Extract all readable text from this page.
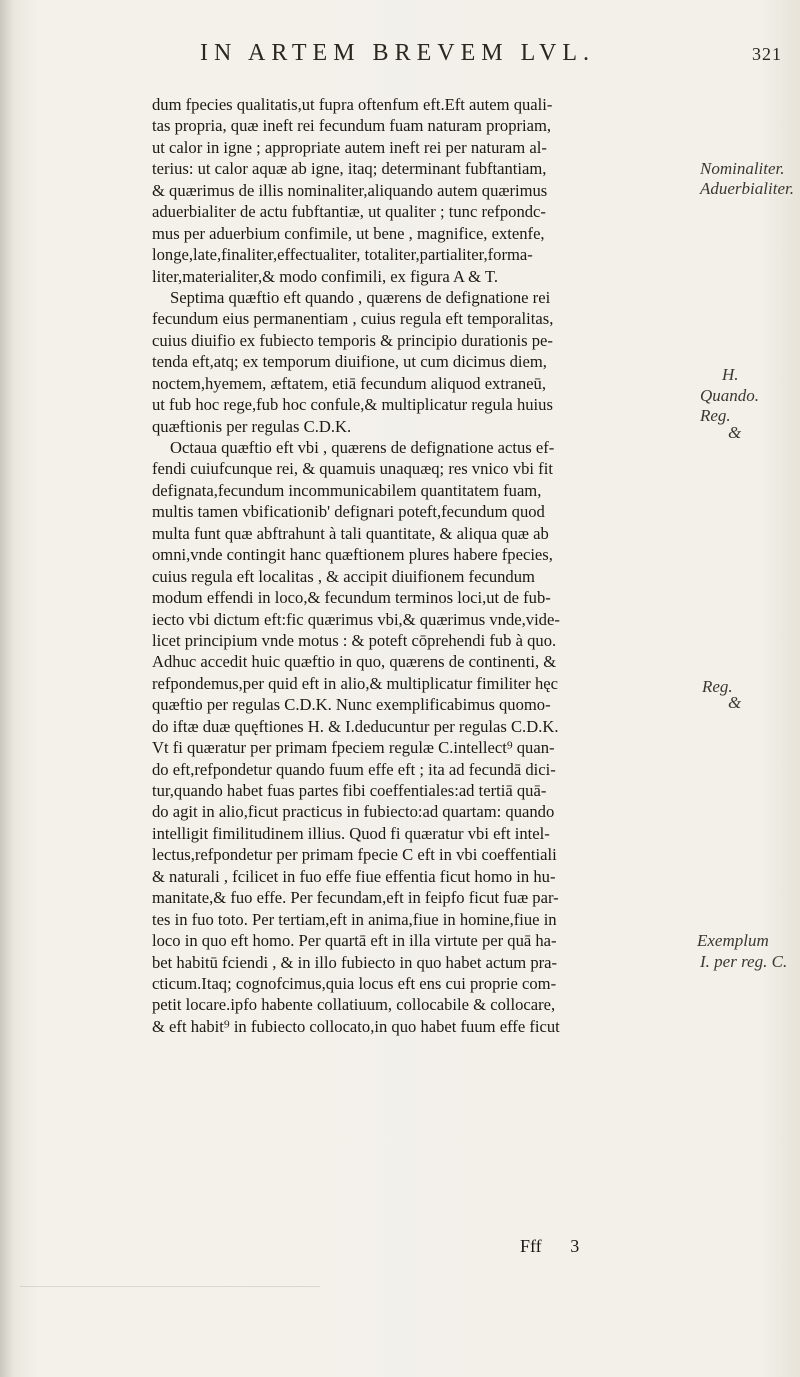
IN ARTEM BREVEM LVL.	321
dum fpecies qualitatis,ut fupra oftenfum eft.Eft autem quali-
tas propria, quæ ineft rei fecundum fuam naturam propriam,
ut calor in igne ; appropriate autem ineft rei per naturam al-
terius: ut calor aquæ ab igne, itaq; determinant fubftantiam,
& quærimus de illis nominaliter,aliquando autem quærimus
aduerbialiter de actu fubftantiæ, ut qualiter ; tunc refpondc-
mus per aduerbium confimile, ut bene , magnifice, extenfe,
longe,late,finaliter,effectualiter, totaliter,partialiter,forma-
liter,materialiter,& modo confimili, ex figura A & T.
Septima quæftio eft quando , quærens de defignatione rei
fecundum eius permanentiam , cuius regula eft temporalitas,
cuius diuifio ex fubiecto temporis & principio durationis pe-
tenda eft,atq; ex temporum diuifione, ut cum dicimus diem,
noctem,hyemem, æftatem, etiā fecundum aliquod extraneū,
ut fub hoc rege,fub hoc confule,& multiplicatur regula huius
quæftionis per regulas C.D.K.
Octaua quæftio eft vbi , quærens de defignatione actus ef-
fendi cuiufcunque rei, & quamuis unaquæq; res vnico vbi fit
defignata,fecundum incommunicabilem quantitatem fuam,
multis tamen vbificationib' defignari poteft,fecundum quod
multa funt quæ abftrahunt à tali quantitate, & aliqua quæ ab
omni,vnde contingit hanc quæftionem plures habere fpecies,
cuius regula eft localitas , & accipit diuifionem fecundum
modum effendi in loco,& fecundum terminos loci,ut de fub-
iecto vbi dictum eft:fic quærimus vbi,& quærimus vnde,vide-
licet principium vnde motus : & poteft cōprehendi fub à quo.
Adhuc accedit huic quæftio in quo, quærens de continenti, &
refpondemus,per quid eft in alio,& multiplicatur fimiliter hęc
quæftio per regulas C.D.K. Nunc exemplificabimus quomo-
do iftæ duæ quęftiones H. & I.deducuntur per regulas C.D.K.
Vt fi quæratur per primam fpeciem regulæ C.intellect⁹ quan-
do eft,refpondetur quando fuum effe eft ; ita ad fecundā dici-
tur,quando habet fuas partes fibi coeffentiales:ad tertiā quā-
do agit in alio,ficut practicus in fubiecto:ad quartam: quando
intelligit fimilitudinem illius. Quod fi quæratur vbi eft intel-
lectus,refpondetur per primam fpecie C eft in vbi coeffentiali
& naturali , fcilicet in fuo effe fiue effentia ficut homo in hu-
manitate,& fuo effe. Per fecundam,eft in feipfo ficut fuæ par-
tes in fuo toto. Per tertiam,eft in anima,fiue in homine,fiue in
loco in quo eft homo. Per quartā eft in illa virtute per quā ha-
bet habitū fciendi , & in illo fubiecto in quo habet actum pra-
cticum.Itaq; cognofcimus,quia locus eft ens cui proprie com-
petit locare.ipfo habente collatiuum, collocabile & collocare,
& eft habit⁹ in fubiecto collocato,in quo habet fuum effe ficut
Nominaliter.
Aduerbialiter.
H.
Quando.
Reg.
&
Reg.
&
Exemplum
I. per reg. C.
Fff 3
